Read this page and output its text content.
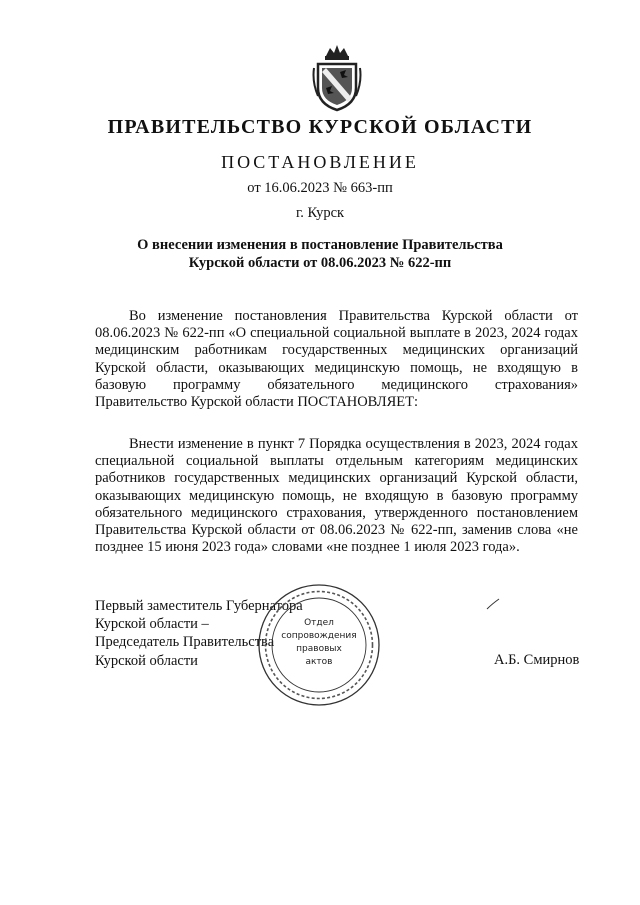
ПРАВИТЕЛЬСТВО КУРСКОЙ ОБЛАСТИ
ПОСТАНОВЛЕНИЕ
от 16.06.2023 № 663-пп
г. Курск
О внесении изменения в постановление Правительства
Курской области от 08.06.2023 № 622-пп

Во изменение постановления Правительства Курской области от 08.06.2023 № 622-пп «О специальной социальной выплате в 2023, 2024 годах медицинским работникам государственных медицинских организаций Курской области, оказывающих медицинскую помощь, не входящую в базовую программу обязательного медицинского страхования» Правительство Курской области ПОСТАНОВЛЯЕТ:

Внести изменение в пункт 7 Порядка осуществления в 2023, 2024 годах специальной социальной выплаты отдельным категориям медицинских работников государственных медицинских организаций Курской области, оказывающих медицинскую помощь, не входящую в базовую программу обязательного медицинского страхования, утвержденного постановлением Правительства Курской области от 08.06.2023 № 622-пп, заменив слова «не позднее 15 июня 2023 года» словами «не позднее 1 июля 2023 года».

Первый заместитель Губернатора
Курской области –
Председатель Правительства
Курской области
Отдел
сопровождения
правовых
актов	А.Б. Смирнов
